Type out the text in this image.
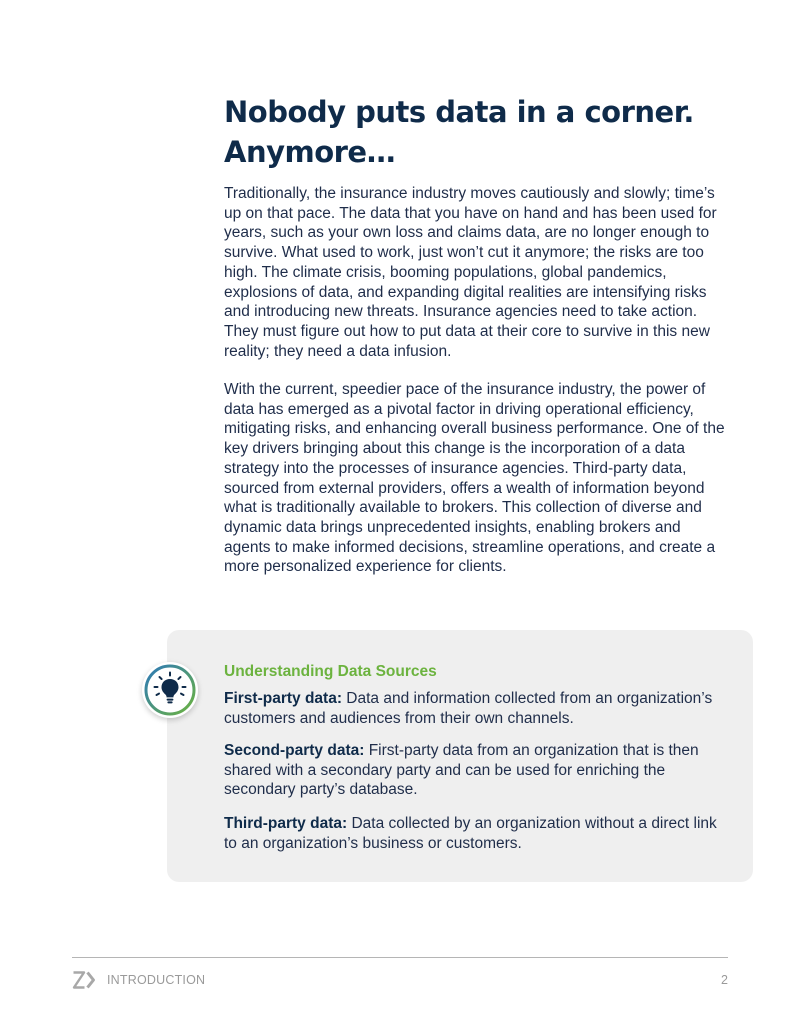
Nobody puts data in a corner.
Anymore…

Traditionally, the insurance industry moves cautiously and slowly; time’s up on that pace. The data that you have on hand and has been used for years, such as your own loss and claims data, are no longer enough to survive. What used to work, just won’t cut it anymore; the risks are too high. The climate crisis, booming populations, global pandemics, explosions of data, and expanding digital realities are intensifying risks and introducing new threats. Insurance agencies need to take action. They must figure out how to put data at their core to survive in this new reality; they need a data infusion.

With the current, speedier pace of the insurance industry, the power of data has emerged as a pivotal factor in driving operational efficiency, mitigating risks, and enhancing overall business performance. One of the key drivers bringing about this change is the incorporation of a data strategy into the processes of insurance agencies. Third-party data, sourced from external providers, offers a wealth of information beyond what is traditionally available to brokers. This collection of diverse and dynamic data brings unprecedented insights, enabling brokers and agents to make informed decisions, streamline operations, and create a more personalized experience for clients.

Understanding Data Sources

First-party data: Data and information collected from an organization’s customers and audiences from their own channels.

Second-party data: First-party data from an organization that is then shared with a secondary party and can be used for enriching the secondary party’s database.

Third-party data: Data collected by an organization without a direct link to an organization’s business or customers.

INTRODUCTION	2
